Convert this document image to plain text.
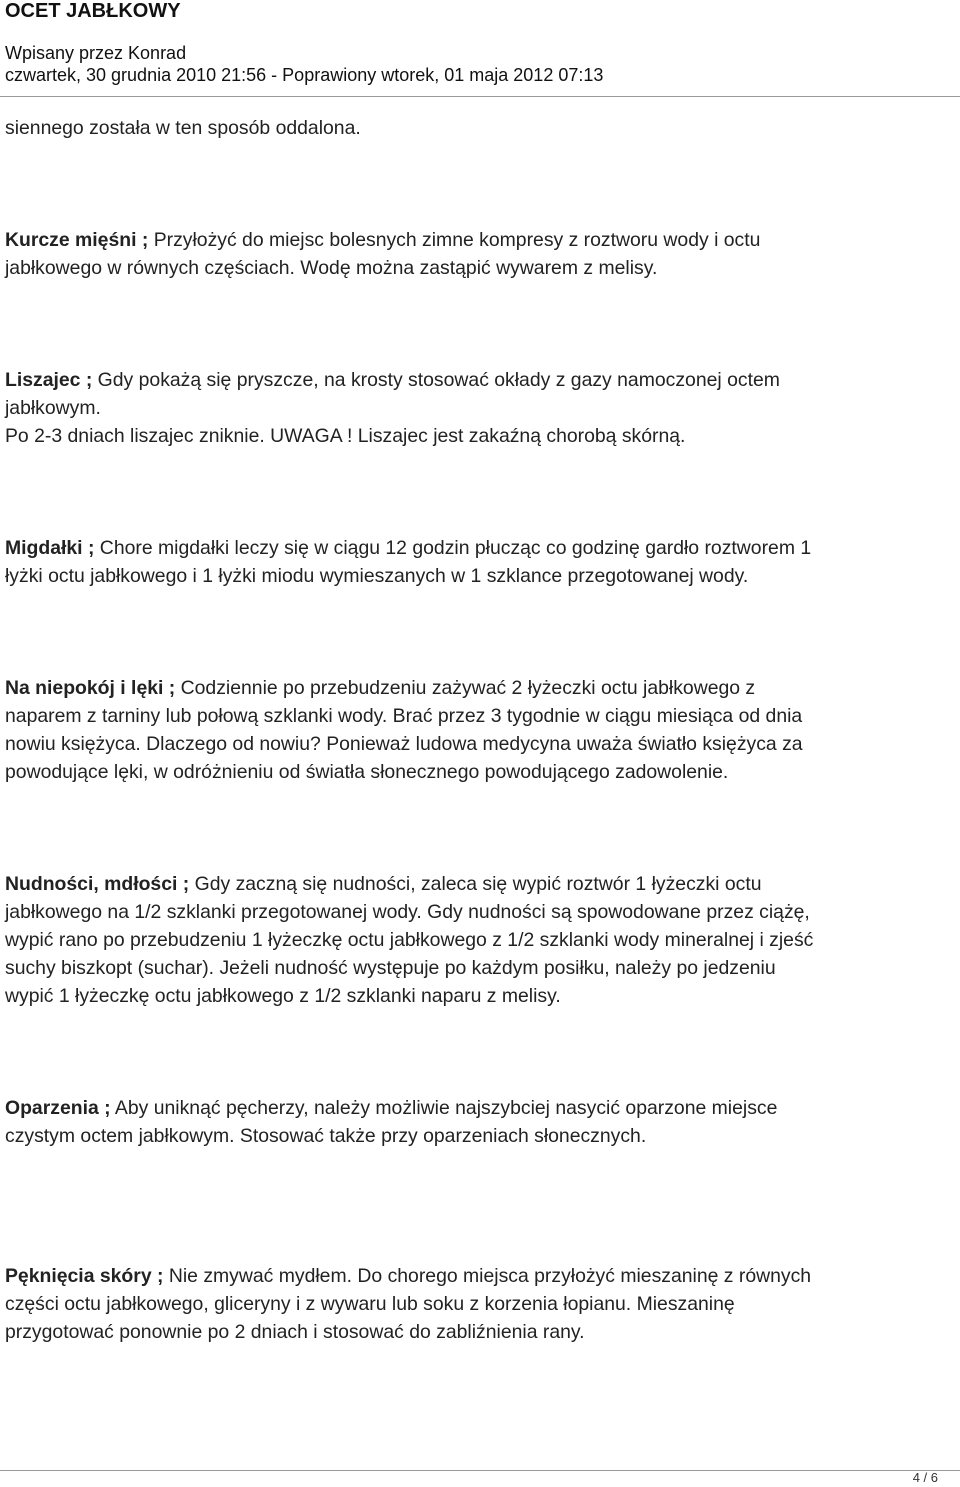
OCET JABŁKOWY
Wpisany przez Konrad
czwartek, 30 grudnia 2010 21:56 - Poprawiony wtorek, 01 maja 2012 07:13
siennego została w ten sposób oddalona.
Kurcze mięśni ; Przyłożyć do miejsc bolesnych zimne kompresy z roztworu wody i octu
jabłkowego w równych częściach. Wodę można zastąpić wywarem z melisy.
Liszajec ; Gdy pokażą się pryszcze, na krosty stosować okłady z gazy namoczonej octem
jabłkowym.
Po 2-3 dniach liszajec zniknie. UWAGA ! Liszajec jest zakaźną chorobą skórną.
Migdałki ; Chore migdałki leczy się w ciągu 12 godzin płucząc co godzinę gardło roztworem 1
łyżki octu jabłkowego i 1 łyżki miodu wymieszanych w 1 szklance przegotowanej wody.
Na niepokój i lęki ; Codziennie po przebudzeniu zażywać 2 łyżeczki octu jabłkowego z
naparem z tarniny lub połową szklanki wody. Brać przez 3 tygodnie w ciągu miesiąca od dnia
nowiu księżyca. Dlaczego od nowiu? Ponieważ ludowa medycyna uważa światło księżyca za
powodujące lęki, w odróżnieniu od światła słonecznego powodującego zadowolenie.
Nudności, mdłości ; Gdy zaczną się nudności, zaleca się wypić roztwór 1 łyżeczki octu
jabłkowego na 1/2 szklanki przegotowanej wody. Gdy nudności są spowodowane przez ciążę,
wypić rano po przebudzeniu 1 łyżeczkę octu jabłkowego z 1/2 szklanki wody mineralnej i zjeść
suchy biszkopt (suchar). Jeżeli nudność występuje po każdym posiłku, należy po jedzeniu
wypić 1 łyżeczkę octu jabłkowego z 1/2 szklanki naparu z melisy.
Oparzenia ; Aby uniknąć pęcherzy, należy możliwie najszybciej nasycić oparzone miejsce
czystym octem jabłkowym. Stosować także przy oparzeniach słonecznych.
Pęknięcia skóry ; Nie zmywać mydłem. Do chorego miejsca przyłożyć mieszaninę z równych
części octu jabłkowego, gliceryny i z wywaru lub soku z korzenia łopianu. Mieszaninę
przygotować ponownie po 2 dniach i stosować do zabliźnienia rany.
4 / 6
